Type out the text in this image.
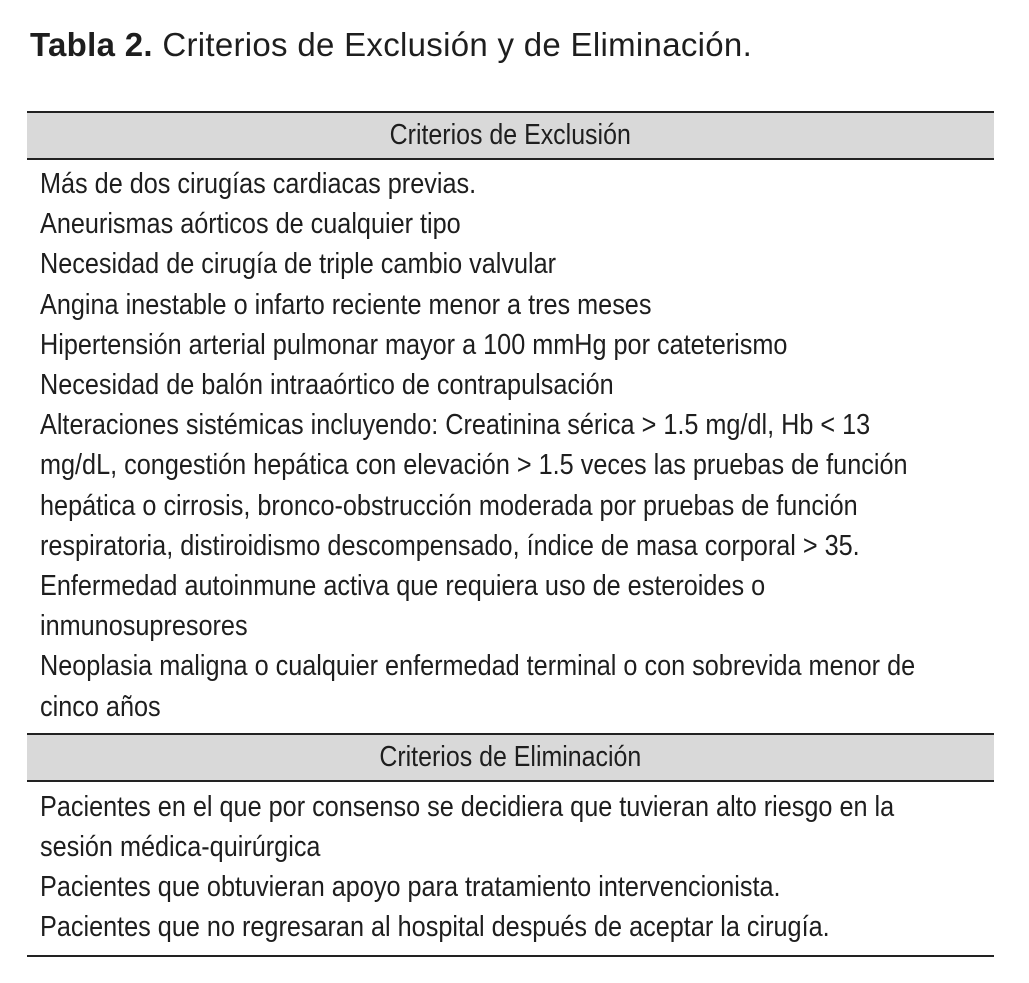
Tabla 2. Criterios de Exclusión y de Eliminación.
Criterios de Exclusión
Más de dos cirugías cardiacas previas.
Aneurismas aórticos de cualquier tipo
Necesidad de cirugía de triple cambio valvular
Angina inestable o infarto reciente menor a tres meses
Hipertensión arterial pulmonar mayor a 100 mmHg por cateterismo
Necesidad de balón intraaórtico de contrapulsación
Alteraciones sistémicas incluyendo: Creatinina sérica > 1.5 mg/dl, Hb < 13
mg/dL, congestión hepática con elevación > 1.5 veces las pruebas de función
hepática o cirrosis, bronco-obstrucción moderada por pruebas de función
respiratoria, distiroidismo descompensado, índice de masa corporal > 35.
Enfermedad autoinmune activa que requiera uso de esteroides o
inmunosupresores
Neoplasia maligna o cualquier enfermedad terminal o con sobrevida menor de
cinco años
Criterios de Eliminación
Pacientes en el que por consenso se decidiera que tuvieran alto riesgo en la
sesión médica-quirúrgica
Pacientes que obtuvieran apoyo para tratamiento intervencionista.
Pacientes que no regresaran al hospital después de aceptar la cirugía.
